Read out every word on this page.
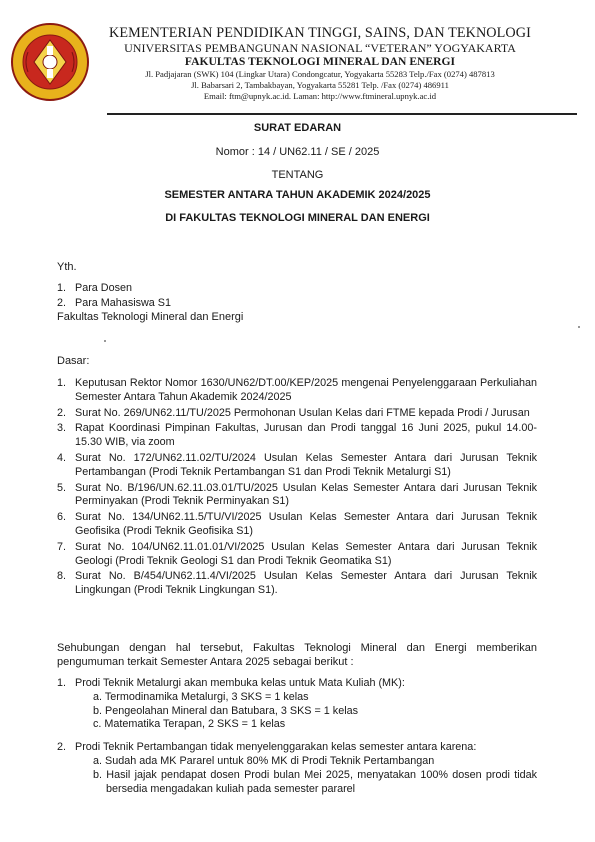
KEMENTERIAN PENDIDIKAN TINGGI, SAINS, DAN TEKNOLOGI
UNIVERSITAS PEMBANGUNAN NASIONAL “VETERAN” YOGYAKARTA
FAKULTAS TEKNOLOGI MINERAL DAN ENERGI
Jl. Padjajaran (SWK) 104 (Lingkar Utara) Condongcatur, Yogyakarta 55283 Telp./Fax (0274) 487813
Jl. Babarsari 2, Tambakbayan, Yogyakarta 55281 Telp. /Fax (0274) 486911
Email: ftm@upnyk.ac.id. Laman: http://www.ftmineral.upnyk.ac.id
SURAT EDARAN
Nomor : 14 / UN62.11 / SE / 2025
TENTANG
SEMESTER ANTARA TAHUN AKADEMIK 2024/2025
DI FAKULTAS TEKNOLOGI MINERAL DAN ENERGI
Yth.
1. Para Dosen
2. Para Mahasiswa S1
Fakultas Teknologi Mineral dan Energi
Dasar:
1. Keputusan Rektor Nomor 1630/UN62/DT.00/KEP/2025 mengenai Penyelenggaraan Perkuliahan Semester Antara Tahun Akademik 2024/2025
2. Surat No. 269/UN62.11/TU/2025 Permohonan Usulan Kelas dari FTME kepada Prodi / Jurusan
3. Rapat Koordinasi Pimpinan Fakultas, Jurusan dan Prodi tanggal 16 Juni 2025, pukul 14.00-15.30 WIB, via zoom
4. Surat No. 172/UN62.11.02/TU/2024 Usulan Kelas Semester Antara dari Jurusan Teknik Pertambangan (Prodi Teknik Pertambangan S1 dan Prodi Teknik Metalurgi S1)
5. Surat No. B/196/UN.62.11.03.01/TU/2025 Usulan Kelas Semester Antara dari Jurusan Teknik Perminyakan (Prodi Teknik Perminyakan S1)
6. Surat No. 134/UN62.11.5/TU/VI/2025 Usulan Kelas Semester Antara dari Jurusan Teknik Geofisika (Prodi Teknik Geofisika S1)
7. Surat No. 104/UN62.11.01.01/VI/2025 Usulan Kelas Semester Antara dari Jurusan Teknik Geologi (Prodi Teknik Geologi S1 dan Prodi Teknik Geomatika S1)
8. Surat No. B/454/UN62.11.4/VI/2025 Usulan Kelas Semester Antara dari Jurusan Teknik Lingkungan (Prodi Teknik Lingkungan S1).
Sehubungan dengan hal tersebut, Fakultas Teknologi Mineral dan Energi memberikan pengumuman terkait Semester Antara 2025 sebagai berikut :
1. Prodi Teknik Metalurgi akan membuka kelas untuk Mata Kuliah (MK):
a. Termodinamika Metalurgi, 3 SKS = 1 kelas
b. Pengeolahan Mineral dan Batubara, 3 SKS = 1 kelas
c. Matematika Terapan, 2 SKS = 1 kelas
2. Prodi Teknik Pertambangan tidak menyelenggarakan kelas semester antara karena:
a. Sudah ada MK Pararel untuk 80% MK di Prodi Teknik Pertambangan
b. Hasil jajak pendapat dosen Prodi bulan Mei 2025, menyatakan 100% dosen prodi tidak bersedia mengadakan kuliah pada semester pararel
